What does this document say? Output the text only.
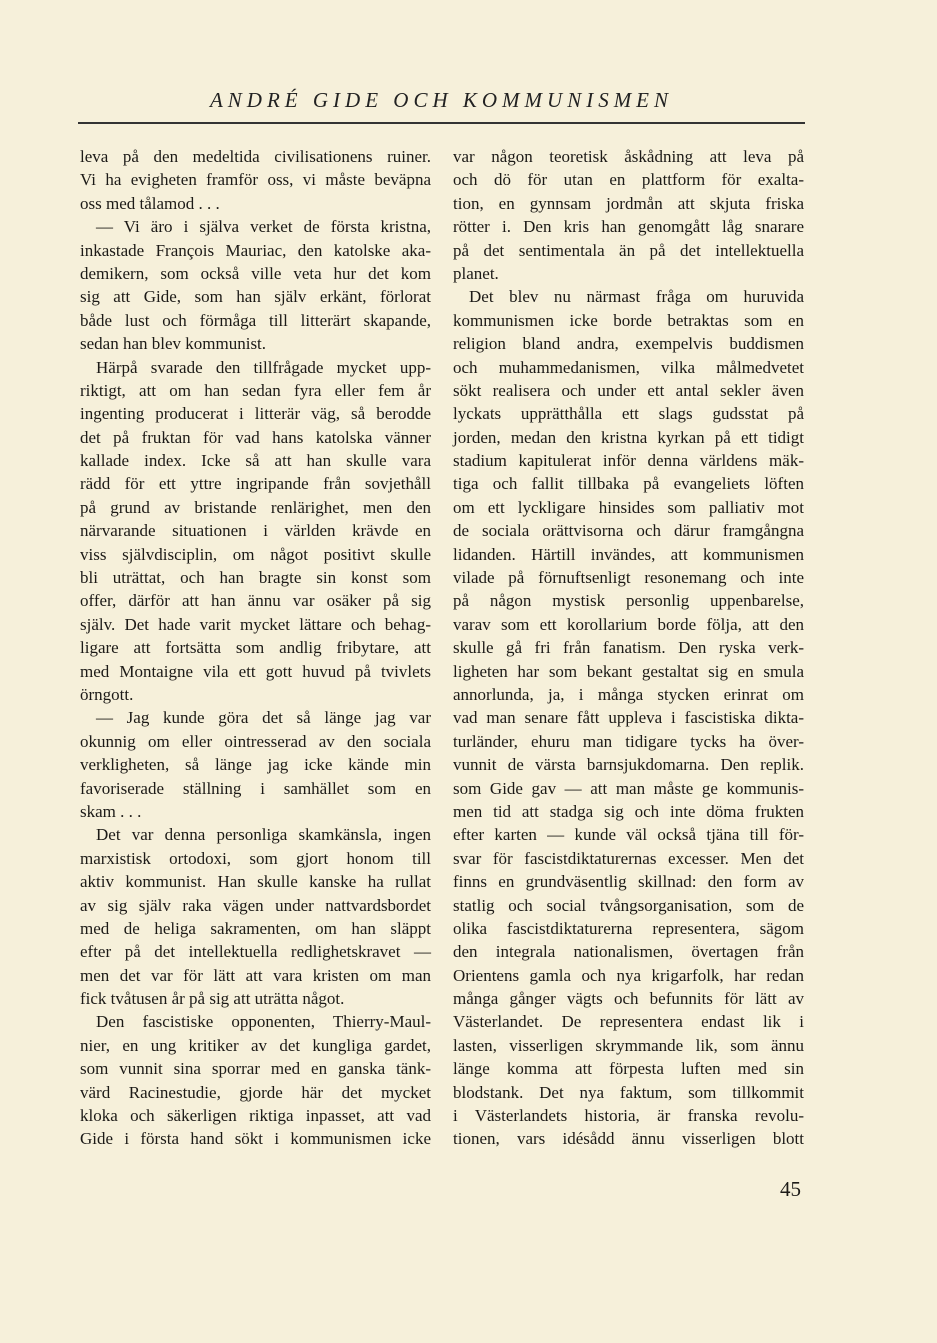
ANDRÉ GIDE OCH KOMMUNISMEN
leva på den medeltida civilisationens ruiner.
Vi ha evigheten framför oss, vi måste beväpna
oss med tålamod . . .
— Vi äro i själva verket de första kristna,
inkastade François Mauriac, den katolske aka-
demikern, som också ville veta hur det kom
sig att Gide, som han själv erkänt, förlorat
både lust och förmåga till litterärt skapande,
sedan han blev kommunist.
Härpå svarade den tillfrågade mycket upp-
riktigt, att om han sedan fyra eller fem år
ingenting producerat i litterär väg, så berodde
det på fruktan för vad hans katolska vänner
kallade index. Icke så att han skulle vara
rädd för ett yttre ingripande från sovjethåll
på grund av bristande renlärighet, men den
närvarande situationen i världen krävde en
viss självdisciplin, om något positivt skulle
bli uträttat, och han bragte sin konst som
offer, därför att han ännu var osäker på sig
själv. Det hade varit mycket lättare och behag-
ligare att fortsätta som andlig fribytare, att
med Montaigne vila ett gott huvud på tvivlets
örngott.
— Jag kunde göra det så länge jag var
okunnig om eller ointresserad av den sociala
verkligheten, så länge jag icke kände min
favoriserade ställning i samhället som en
skam . . .
Det var denna personliga skamkänsla, ingen
marxistisk ortodoxi, som gjort honom till
aktiv kommunist. Han skulle kanske ha rullat
av sig själv raka vägen under nattvardsbordet
med de heliga sakramenten, om han släppt
efter på det intellektuella redlighetskravet —
men det var för lätt att vara kristen om man
fick tvåtusen år på sig att uträtta något.
Den fascistiske opponenten, Thierry-Maul-
nier, en ung kritiker av det kungliga gardet,
som vunnit sina sporrar med en ganska tänk-
värd Racinestudie, gjorde här det mycket
kloka och säkerligen riktiga inpasset, att vad
Gide i första hand sökt i kommunismen icke
var någon teoretisk åskådning att leva på
och dö för utan en plattform för exalta-
tion, en gynnsam jordmån att skjuta friska
rötter i. Den kris han genomgått låg snarare
på det sentimentala än på det intellektuella
planet.
Det blev nu närmast fråga om huruvida
kommunismen icke borde betraktas som en
religion bland andra, exempelvis buddismen
och muhammedanismen, vilka målmedvetet
sökt realisera och under ett antal sekler även
lyckats upprätthålla ett slags gudsstat på
jorden, medan den kristna kyrkan på ett tidigt
stadium kapitulerat inför denna världens mäk-
tiga och fallit tillbaka på evangeliets löften
om ett lyckligare hinsides som palliativ mot
de sociala orättvisorna och därur framgångna
lidanden. Härtill invändes, att kommunismen
vilade på förnuftsenligt resonemang och inte
på någon mystisk personlig uppenbarelse,
varav som ett korollarium borde följa, att den
skulle gå fri från fanatism. Den ryska verk-
ligheten har som bekant gestaltat sig en smula
annorlunda, ja, i många stycken erinrat om
vad man senare fått uppleva i fascistiska dikta-
turländer, ehuru man tidigare tycks ha över-
vunnit de värsta barnsjukdomarna. Den replik.
som Gide gav — att man måste ge kommunis-
men tid att stadga sig och inte döma frukten
efter karten — kunde väl också tjäna till för-
svar för fascistdiktaturernas excesser. Men det
finns en grundväsentlig skillnad: den form av
statlig och social tvångsorganisation, som de
olika fascistdiktaturerna representera, sägom
den integrala nationalismen, övertagen från
Orientens gamla och nya krigarfolk, har redan
många gånger vägts och befunnits för lätt av
Västerlandet. De representera endast lik i
lasten, visserligen skrymmande lik, som ännu
länge komma att förpesta luften med sin
blodstank. Det nya faktum, som tillkommit
i Västerlandets historia, är franska revolu-
tionen, vars idésådd ännu visserligen blott
45
